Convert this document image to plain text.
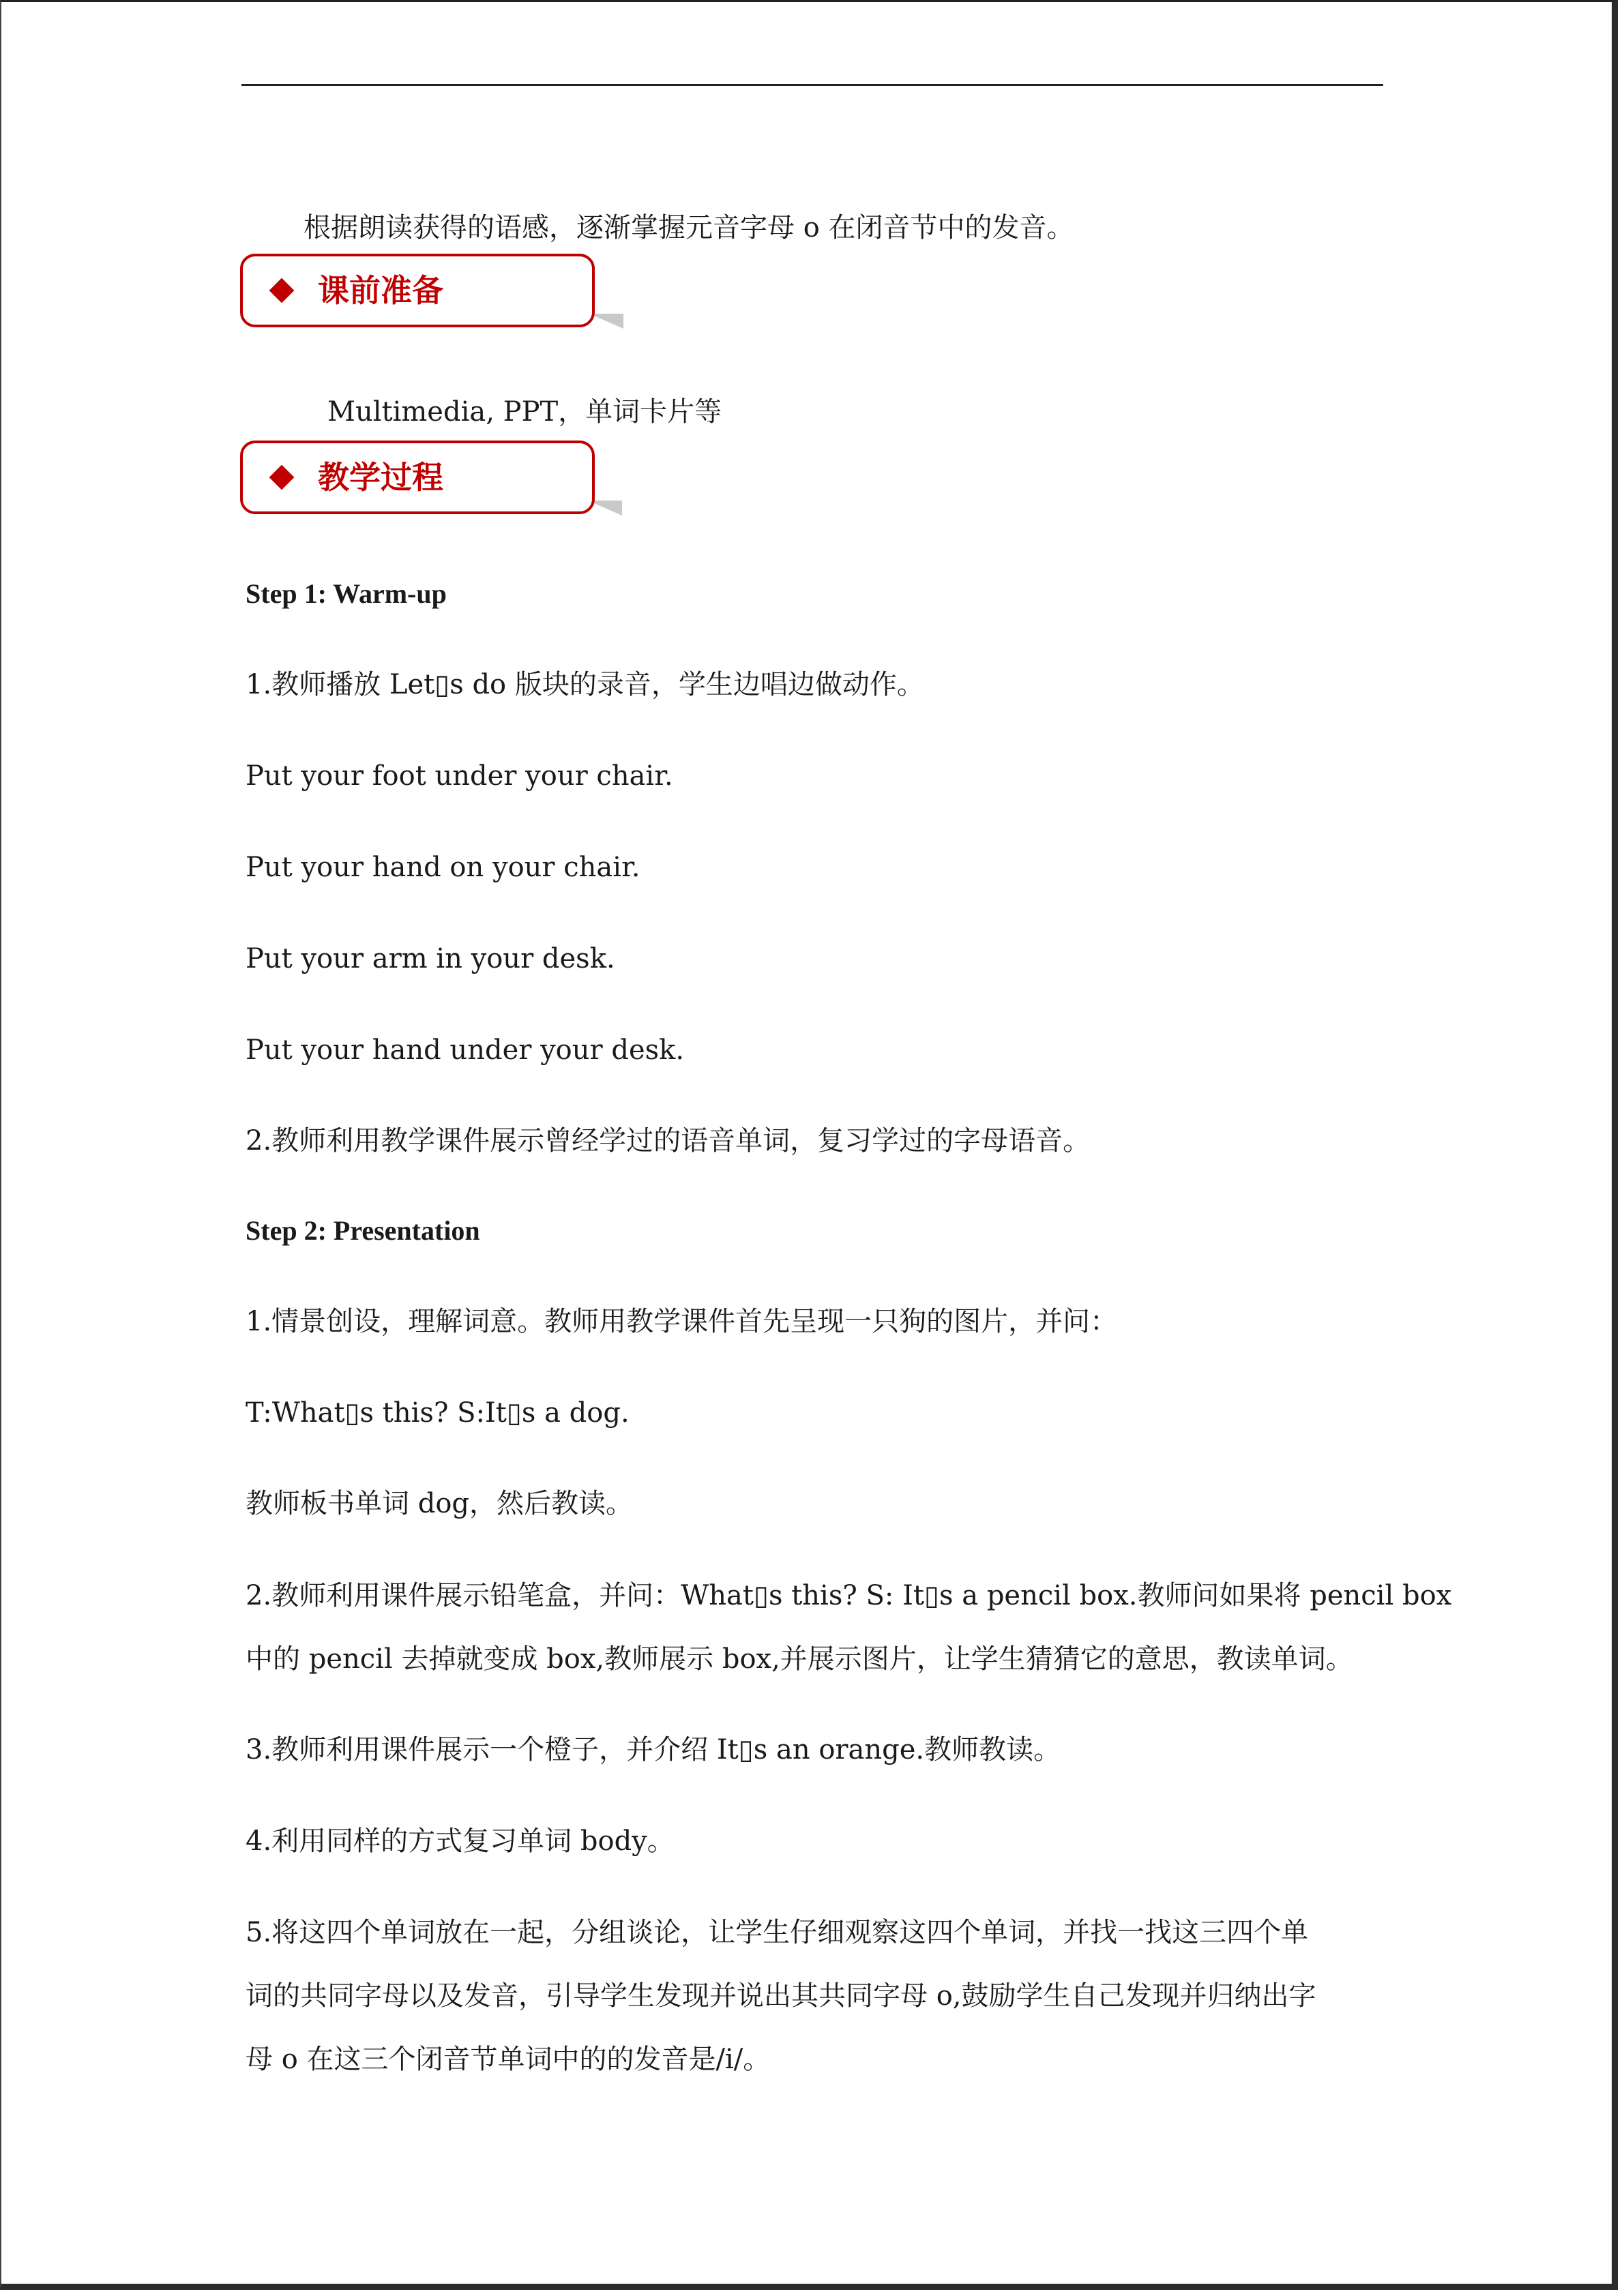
根据朗读获得的语感，逐渐掌握元音字母 o 在闭音节中的发音。
课前准备
Multimedia, PPT，单词卡片等
教学过程
Step 1: Warm-up
1.教师播放 Let▯s do 版块的录音，学生边唱边做动作。
Put your foot under your chair.
Put your hand on your chair.
Put your arm in your desk.
Put your hand under your desk.
2.教师利用教学课件展示曾经学过的语音单词，复习学过的字母语音。
Step 2: Presentation
1.情景创设，理解词意。教师用教学课件首先呈现一只狗的图片，并问：
T:What▯s this? S:It▯s a dog.
教师板书单词 dog，然后教读。
2.教师利用课件展示铅笔盒，并问：What▯s this? S: It▯s a pencil box.教师问如果将 pencil box
中的 pencil 去掉就变成 box,教师展示 box,并展示图片，让学生猜猜它的意思，教读单词。
3.教师利用课件展示一个橙子，并介绍 It▯s an orange.教师教读。
4.利用同样的方式复习单词 body。
5.将这四个单词放在一起，分组谈论，让学生仔细观察这四个单词，并找一找这三四个单
词的共同字母以及发音，引导学生发现并说出其共同字母 o,鼓励学生自己发现并归纳出字
母 o 在这三个闭音节单词中的的发音是/i/。
